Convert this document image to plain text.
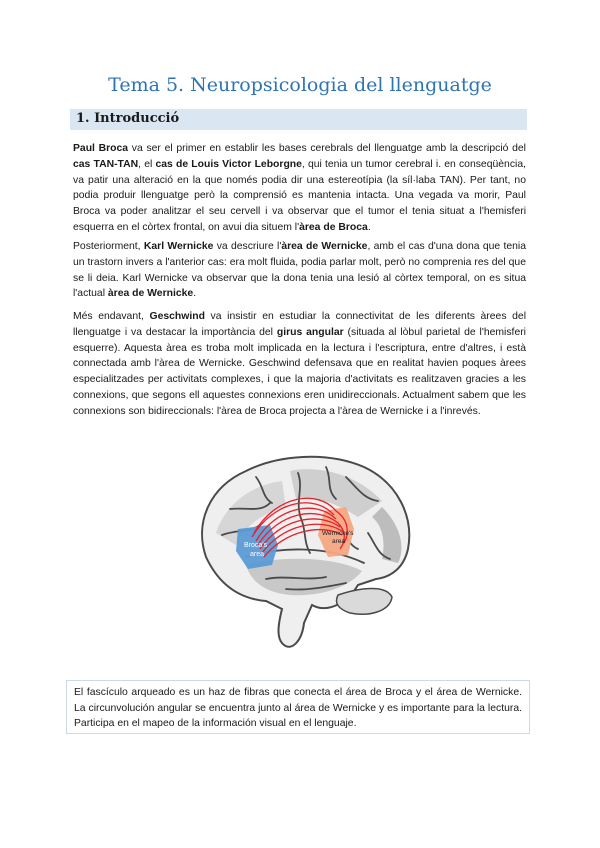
Tema 5. Neuropsicologia del llenguatge
1. Introducció

Paul Broca va ser el primer en establir les bases cerebrals del llenguatge amb la descripció del cas TAN-TAN, el cas de Louis Victor Leborgne, qui tenia un tumor cerebral i. en conseqüència, va patir una alteració en la que només podia dir una estereotípia (la síl·laba TAN). Per tant, no podia produir llenguatge però la comprensió es mantenia intacta. Una vegada va morir, Paul Broca va poder analitzar el seu cervell i va observar que el tumor el tenia situat a l'hemisferi esquerra en el còrtex frontal, on avui dia situem l'àrea de Broca.

Posteriorment, Karl Wernicke va descriure l'àrea de Wernicke, amb el cas d'una dona que tenia un trastorn invers a l'anterior cas: era molt fluida, podia parlar molt, però no comprenia res del que se li deia. Karl Wernicke va observar que la dona tenia una lesió al còrtex temporal, on es situa l'actual àrea de Wernicke.

Més endavant, Geschwind va insistir en estudiar la connectivitat de les diferents àrees del llenguatge i va destacar la importància del girus angular (situada al lòbul parietal de l'hemisferi esquerre). Aquesta àrea es troba molt implicada en la lectura i l'escriptura, entre d'altres, i està connectada amb l'àrea de Wernicke. Geschwind defensava que en realitat havien poques àrees especialitzades per activitats complexes, i que la majoria d'activitats es realitzaven gracies a les connexions, que segons ell aquestes connexions eren unidireccionals. Actualment sabem que les connexions son bidireccionals: l'àrea de Broca projecta a l'àrea de Wernicke i a l'inrevés.

Broca's
area
Wernicke's
area

El fascículo arqueado es un haz de fibras que conecta el área de Broca y el área de Wernicke. La circunvolución angular se encuentra junto al área de Wernicke y es importante para la lectura. Participa en el mapeo de la información visual en el lenguaje.
